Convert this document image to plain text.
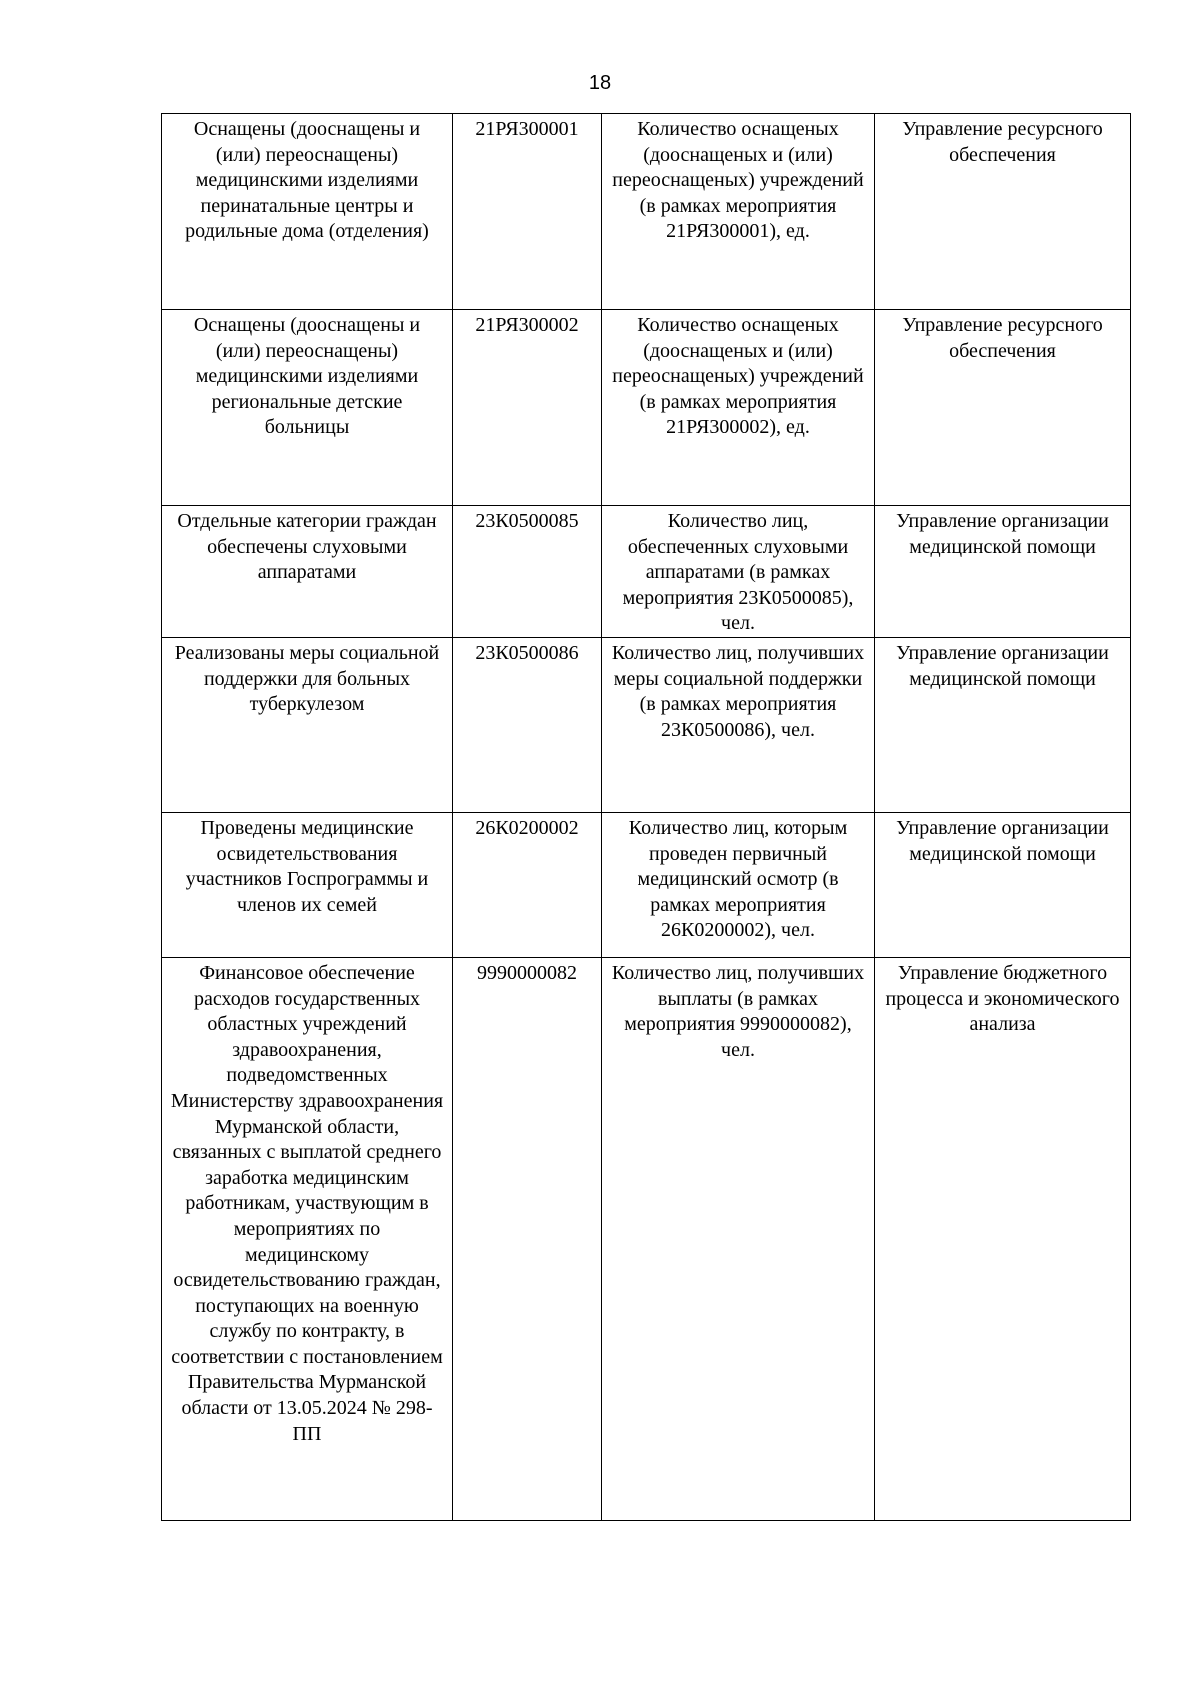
18
Оснащены (дооснащены и (или) переоснащены) медицинскими изделиями перинатальные центры и родильные дома (отделения)	21РЯ300001	Количество оснащеных (дооснащеных и (или) переоснащеных) учреждений (в рамках мероприятия 21РЯ300001), ед.	Управление ресурсного обеспечения
Оснащены (дооснащены и (или) переоснащены) медицинскими изделиями региональные детские больницы	21РЯ300002	Количество оснащеных (дооснащеных и (или) переоснащеных) учреждений (в рамках мероприятия 21РЯ300002), ед.	Управление ресурсного обеспечения
Отдельные категории граждан обеспечены слуховыми аппаратами	23К0500085	Количество лиц, обеспеченных слуховыми аппаратами (в рамках мероприятия 23К0500085), чел.	Управление организации медицинской помощи
Реализованы меры социальной поддержки для больных туберкулезом	23К0500086	Количество лиц, получивших меры социальной поддержки (в рамках мероприятия 23К0500086), чел.	Управление организации медицинской помощи
Проведены медицинские освидетельствования участников Госпрограммы и членов их семей	26К0200002	Количество лиц, которым проведен первичный медицинский осмотр (в рамках мероприятия 26К0200002), чел.	Управление организации медицинской помощи
Финансовое обеспечение расходов государственных областных учреждений здравоохранения, подведомственных Министерству здравоохранения Мурманской области, связанных с выплатой среднего заработка медицинским работникам, участвующим в мероприятиях по медицинскому освидетельствованию граждан, поступающих на военную службу по контракту, в соответствии с постановлением Правительства Мурманской области от 13.05.2024 № 298-ПП	9990000082	Количество лиц, получивших выплаты (в рамках мероприятия 9990000082), чел.	Управление бюджетного процесса и экономического анализа
